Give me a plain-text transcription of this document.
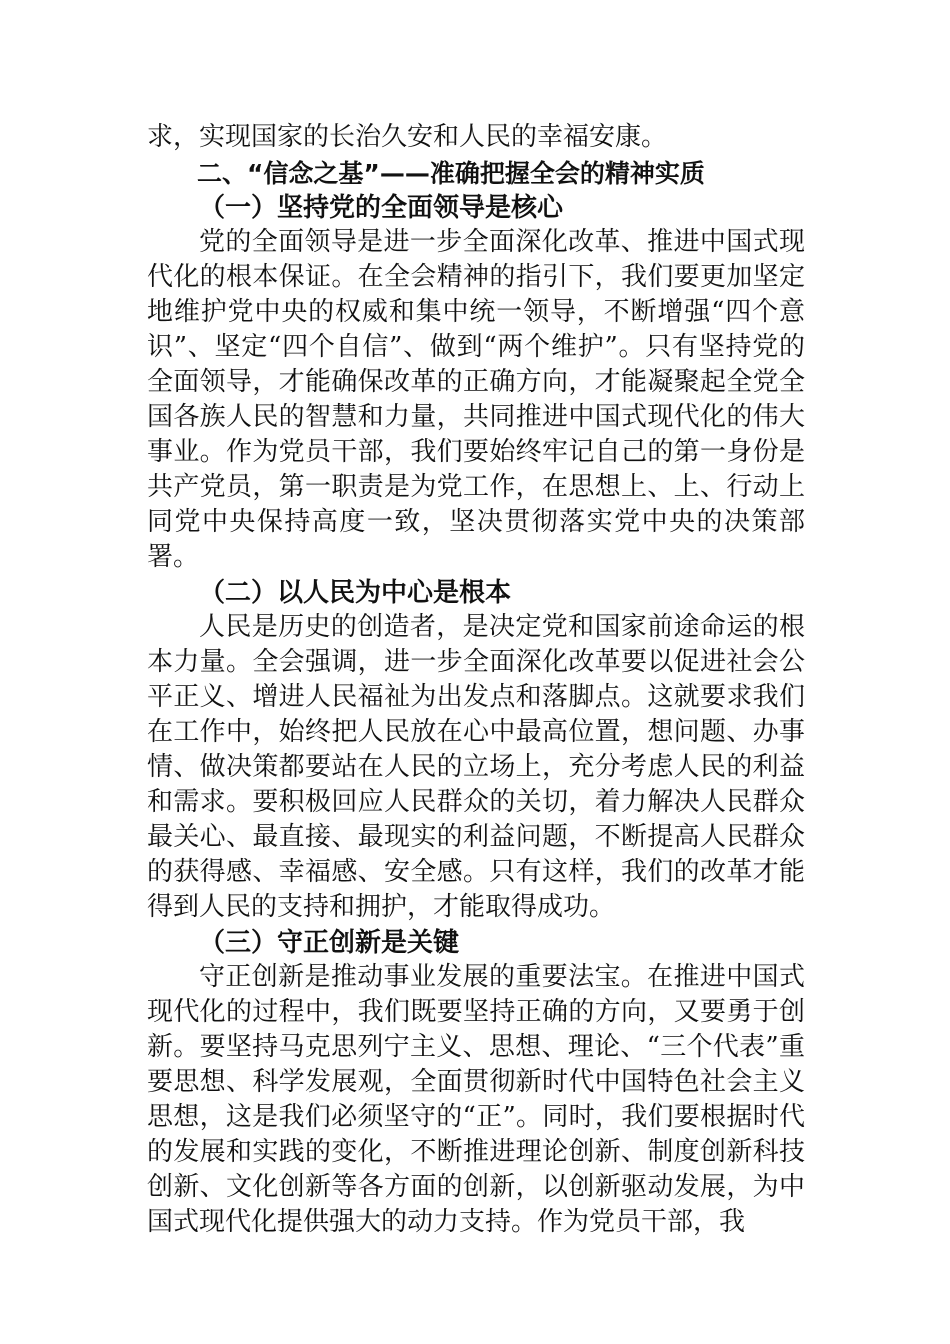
求，实现国家的长治久安和人民的幸福安康。

二、“信念之基”——准确把握全会的精神实质

（一）坚持党的全面领导是核心

党的全面领导是进一步全面深化改革、推进中国式现代化的根本保证。在全会精神的指引下，我们要更加坚定地维护党中央的权威和集中统一领导，不断增强“四个意识”、坚定“四个自信”、做到“两个维护”。只有坚持党的全面领导，才能确保改革的正确方向，才能凝聚起全党全国各族人民的智慧和力量，共同推进中国式现代化的伟大事业。作为党员干部，我们要始终牢记自己的第一身份是共产党员，第一职责是为党工作，在思想上、上、行动上同党中央保持高度一致，坚决贯彻落实党中央的决策部署。

（二）以人民为中心是根本

人民是历史的创造者，是决定党和国家前途命运的根本力量。全会强调，进一步全面深化改革要以促进社会公平正义、增进人民福祉为出发点和落脚点。这就要求我们在工作中，始终把人民放在心中最高位置，想问题、办事情、做决策都要站在人民的立场上，充分考虑人民的利益和需求。要积极回应人民群众的关切，着力解决人民群众最关心、最直接、最现实的利益问题，不断提高人民群众的获得感、幸福感、安全感。只有这样，我们的改革才能得到人民的支持和拥护，才能取得成功。

（三）守正创新是关键

守正创新是推动事业发展的重要法宝。在推进中国式现代化的过程中，我们既要坚持正确的方向，又要勇于创新。要坚持马克思列宁主义、思想、理论、“三个代表”重要思想、科学发展观，全面贯彻新时代中国特色社会主义思想，这是我们必须坚守的“正”。同时，我们要根据时代的发展和实践的变化，不断推进理论创新、制度创新科技创新、文化创新等各方面的创新，以创新驱动发展，为中国式现代化提供强大的动力支持。作为党员干部，我
